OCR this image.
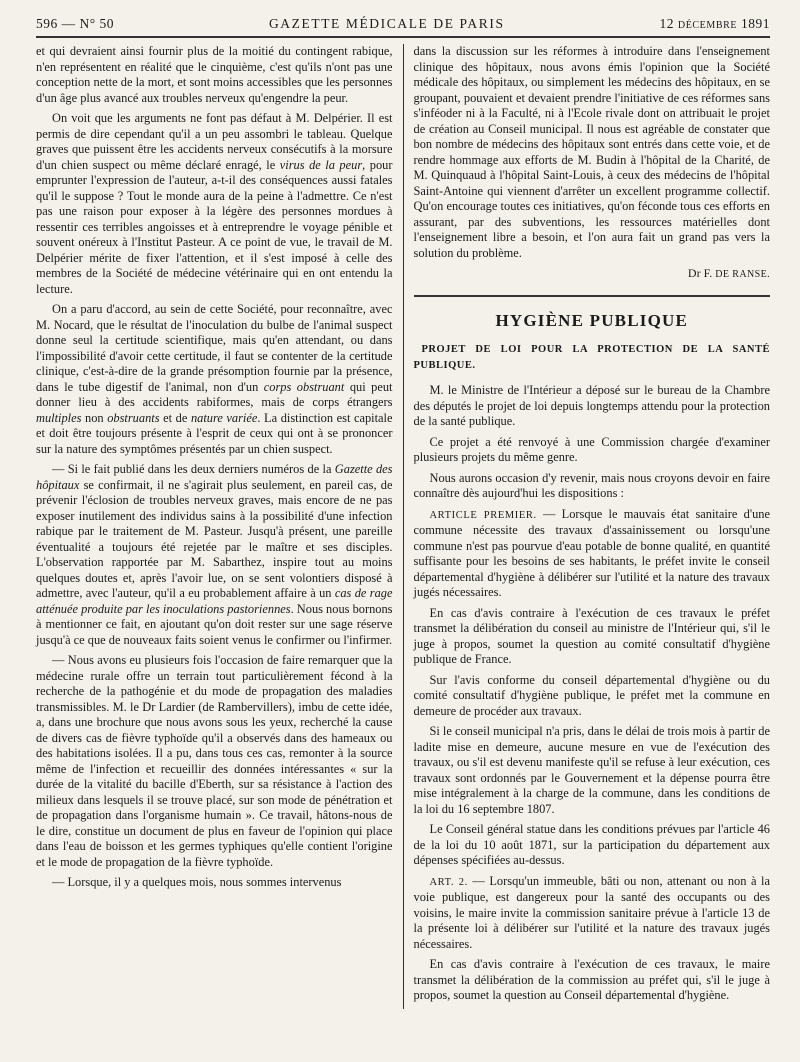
596 — N° 50	GAZETTE MÉDICALE DE PARIS	12 DÉCEMBRE 1891

et qui devraient ainsi fournir plus de la moitié du contingent rabique, n'en représentent en réalité que le cinquième, c'est qu'ils n'ont pas une conception nette de la mort, et sont moins accessibles que les personnes d'un âge plus avancé aux troubles nerveux qu'engendre la peur.

On voit que les arguments ne font pas défaut à M. Delpérier. Il est permis de dire cependant qu'il a un peu assombri le tableau. Quelque graves que puissent être les accidents nerveux consécutifs à la morsure d'un chien suspect ou même déclaré enragé, le virus de la peur, pour emprunter l'expression de l'auteur, a-t-il des conséquences aussi fatales qu'il le suppose ? Tout le monde aura de la peine à l'admettre. Ce n'est pas une raison pour exposer à la légère des personnes mordues à ressentir ces terribles angoisses et à entreprendre le voyage pénible et souvent onéreux à l'Institut Pasteur. A ce point de vue, le travail de M. Delpérier mérite de fixer l'attention, et il s'est imposé à celle des membres de la Société de médecine vétérinaire qui en ont entendu la lecture.

On a paru d'accord, au sein de cette Société, pour reconnaître, avec M. Nocard, que le résultat de l'inoculation du bulbe de l'animal suspect donne seul la certitude scientifique, mais qu'en attendant, ou dans l'impossibilité d'avoir cette certitude, il faut se contenter de la certitude clinique, c'est-à-dire de la grande présomption fournie par la présence, dans le tube digestif de l'animal, non d'un corps obstruant qui peut donner lieu à des accidents rabiformes, mais de corps étrangers multiples non obstruants et de nature variée. La distinction est capitale et doit être toujours présente à l'esprit de ceux qui ont à se prononcer sur la nature des symptômes présentés par un chien suspect.

— Si le fait publié dans les deux derniers numéros de la Gazette des hôpitaux se confirmait, il ne s'agirait plus seulement, en pareil cas, de prévenir l'éclosion de troubles nerveux graves, mais encore de ne pas exposer inutilement des individus sains à la possibilité d'une infection rabique par le traitement de M. Pasteur. Jusqu'à présent, une pareille éventualité a toujours été rejetée par le maître et ses disciples. L'observation rapportée par M. Sabarthez, inspire tout au moins quelques doutes et, après l'avoir lue, on se sent volontiers disposé à admettre, avec l'auteur, qu'il a eu probablement affaire à un cas de rage atténuée produite par les inoculations pastoriennes. Nous nous bornons à mentionner ce fait, en ajoutant qu'on doit rester sur une sage réserve jusqu'à ce que de nouveaux faits soient venus le confirmer ou l'infirmer.

— Nous avons eu plusieurs fois l'occasion de faire remarquer que la médecine rurale offre un terrain tout particulièrement fécond à la recherche de la pathogénie et du mode de propagation des maladies transmissibles. M. le Dr Lardier (de Rambervillers), imbu de cette idée, a, dans une brochure que nous avons sous les yeux, recherché la cause de divers cas de fièvre typhoïde qu'il a observés dans des hameaux ou des habitations isolées. Il a pu, dans tous ces cas, remonter à la source même de l'infection et recueillir des données intéressantes « sur la durée de la vitalité du bacille d'Eberth, sur sa résistance à l'action des milieux dans lesquels il se trouve placé, sur son mode de pénétration et de propagation dans l'organisme humain ». Ce travail, hâtons-nous de le dire, constitue un document de plus en faveur de l'opinion qui place dans l'eau de boisson et les germes typhiques qu'elle contient l'origine et le mode de propagation de la fièvre typhoïde.

— Lorsque, il y a quelques mois, nous sommes intervenus

dans la discussion sur les réformes à introduire dans l'enseignement clinique des hôpitaux, nous avons émis l'opinion que la Société médicale des hôpitaux, ou simplement les médecins des hôpitaux, en se groupant, pouvaient et devaient prendre l'initiative de ces réformes sans s'inféoder ni à la Faculté, ni à l'Ecole rivale dont on attribuait le projet de création au Conseil municipal. Il nous est agréable de constater que bon nombre de médecins des hôpitaux sont entrés dans cette voie, et de rendre hommage aux efforts de M. Budin à l'hôpital de la Charité, de M. Quinquaud à l'hôpital Saint-Louis, à ceux des médecins de l'hôpital Saint-Antoine qui viennent d'arrêter un excellent programme collectif. Qu'on encourage toutes ces initiatives, qu'on féconde tous ces efforts en assurant, par des subventions, les ressources matérielles dont l'enseignement libre a besoin, et l'on aura fait un grand pas vers la solution du problème.

Dr F. DE RANSE.
HYGIÈNE PUBLIQUE
PROJET DE LOI POUR LA PROTECTION DE LA SANTÉ PUBLIQUE.

M. le Ministre de l'Intérieur a déposé sur le bureau de la Chambre des députés le projet de loi depuis longtemps attendu pour la protection de la santé publique.

Ce projet a été renvoyé à une Commission chargée d'examiner plusieurs projets du même genre.

Nous aurons occasion d'y revenir, mais nous croyons devoir en faire connaître dès aujourd'hui les dispositions :

ARTICLE PREMIER. — Lorsque le mauvais état sanitaire d'une commune nécessite des travaux d'assainissement ou lorsqu'une commune n'est pas pourvue d'eau potable de bonne qualité, en quantité suffisante pour les besoins de ses habitants, le préfet invite le conseil départemental d'hygiène à délibérer sur l'utilité et la nature des travaux jugés nécessaires.

En cas d'avis contraire à l'exécution de ces travaux le préfet transmet la délibération du conseil au ministre de l'Intérieur qui, s'il le juge à propos, soumet la question au comité consultatif d'hygiène publique de France.

Sur l'avis conforme du conseil départemental d'hygiène ou du comité consultatif d'hygiène publique, le préfet met la commune en demeure de procéder aux travaux.

Si le conseil municipal n'a pris, dans le délai de trois mois à partir de ladite mise en demeure, aucune mesure en vue de l'exécution des travaux, ou s'il est devenu manifeste qu'il se refuse à leur exécution, ces travaux sont ordonnés par le Gouvernement et la dépense pourra être mise intégralement à la charge de la commune, dans les conditions de la loi du 16 septembre 1807.

Le Conseil général statue dans les conditions prévues par l'article 46 de la loi du 10 août 1871, sur la participation du département aux dépenses spécifiées au-dessus.

ART. 2. — Lorsqu'un immeuble, bâti ou non, attenant ou non à la voie publique, est dangereux pour la santé des occupants ou des voisins, le maire invite la commission sanitaire prévue à l'article 13 de la présente loi à délibérer sur l'utilité et la nature des travaux jugés nécessaires.

En cas d'avis contraire à l'exécution de ces travaux, le maire transmet la délibération de la commission au préfet qui, s'il le juge à propos, soumet la question au Conseil départemental d'hygiène.
